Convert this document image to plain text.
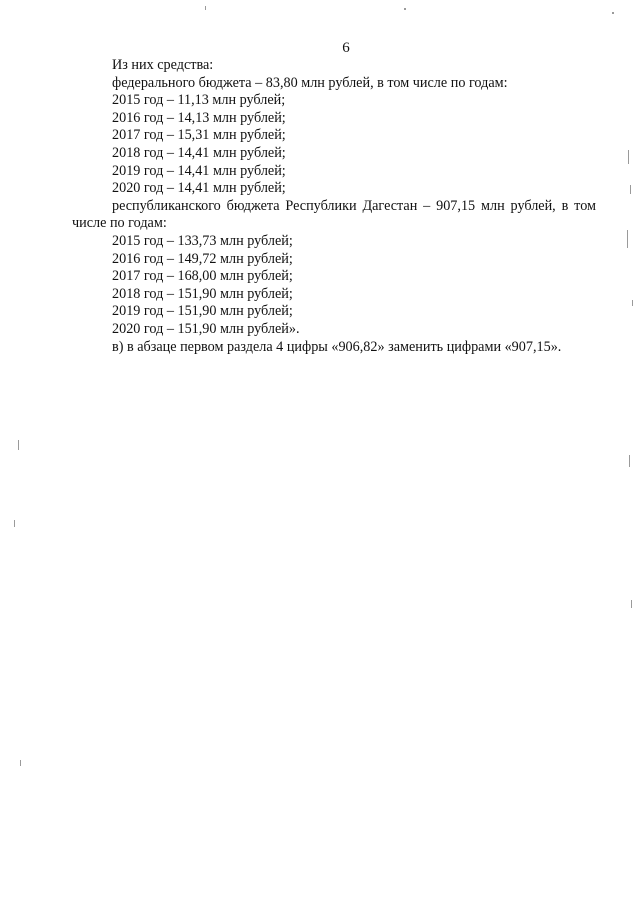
6
Из них средства:
федерального бюджета – 83,80 млн рублей, в том числе по годам:
2015 год – 11,13 млн рублей;
2016 год – 14,13 млн рублей;
2017 год – 15,31 млн рублей;
2018 год – 14,41 млн рублей;
2019 год – 14,41 млн рублей;
2020 год – 14,41 млн рублей;
республиканского бюджета Республики Дагестан – 907,15 млн рублей, в том числе по годам:
2015 год – 133,73 млн рублей;
2016 год – 149,72 млн рублей;
2017 год – 168,00 млн рублей;
2018 год – 151,90 млн рублей;
2019 год – 151,90 млн рублей;
2020 год – 151,90 млн рублей».
в) в абзаце первом раздела 4 цифры «906,82» заменить цифрами «907,15».
